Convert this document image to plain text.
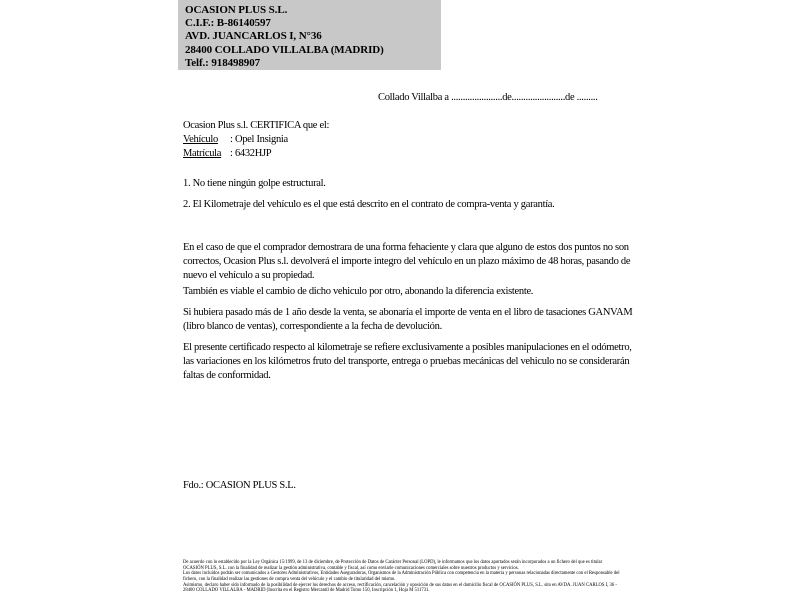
OCASION PLUS S.L.
C.I.F.: B-86140597
AVD. JUANCARLOS I, N°36
28400 COLLADO VILLALBA (MADRID)
Telf.: 918498907
Collado Villalba a ......................de.......................de .........
Ocasion Plus s.l. CERTIFICA que el:
Vehículo : Opel Insignia
Matrícula : 6432HJP
1. No tiene ningún golpe estructural.
2. El Kilometraje del vehículo es el que está descrito en el contrato de compra-venta y garantía.
En el caso de que el comprador demostrara de una forma fehaciente y clara que alguno de estos dos puntos no son correctos, Ocasion Plus s.l. devolverá el importe integro del vehículo en un plazo máximo de 48 horas, pasando de nuevo el vehículo a su propiedad.
También es viable el cambio de dicho vehiculo por otro, abonando la diferencia existente.
Si hubiera pasado más de 1 año desde la venta, se abonaría el importe de venta en el libro de tasaciones GANVAM (libro blanco de ventas), correspondiente a la fecha de devolución.
El presente certificado respecto al kilometraje se refiere exclusivamente a posibles manipulaciones en el odómetro, las variaciones en los kilómetros fruto del transporte, entrega o pruebas mecánicas del vehiculo no se considerarán faltas de conformidad.
Fdo.: OCASION PLUS S.L.
De acuerdo con lo establecido por la Ley Orgánica 15/1999, de 13 de diciembre, de Protección de Datos de Carácter Personal (LOPD), le informamos que los datos aportados serán incorporados a un fichero del que es titular OCASIÓN PLUS, S.L. con la finalidad de realizar la gestión administrativa, contable y fiscal, así como enviarle comunicaciones comerciales sobre nuestros productos y servicios.
Los datos incluidos podrán ser comunicados a Gestores Administrativos, Entidades Aseguradoras, Organismos de la Administración Pública con competencia en la materia y personas relacionadas directamente con el Responsable del fichero, con la finalidad realizar las gestiones de compra venta del vehículo y el cambio de titularidad del mismo.
Asimismo, declaro haber sido informado de la posibilidad de ejercer los derechos de acceso, rectificación, cancelación y oposición de sus datos en el domicilio fiscal de OCASIÓN PLUS, S.L. sito en AVDA. JUAN CARLOS I, 36 - 28400 COLLADO VILLALBA - MADRID (Inscrita en el Registro Mercantil de Madrid Tomo 150, Inscripción 1, Hoja M 511731.
